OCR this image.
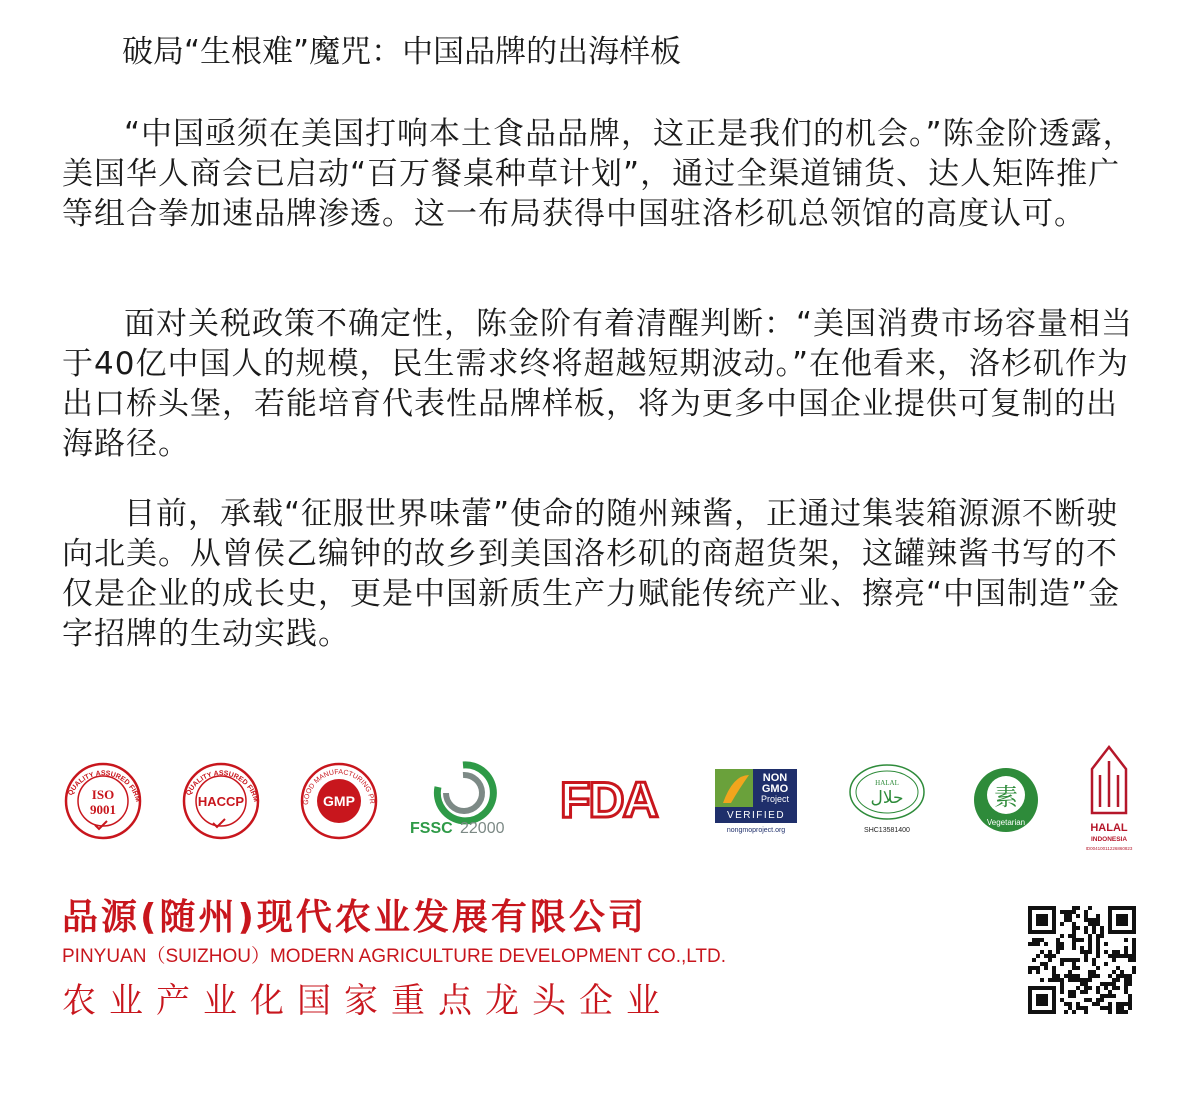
破局“生根难”魔咒：中国品牌的出海样板

“中国亟须在美国打响本土食品品牌，这正是我们的机会。”陈金阶透露，美国华人商会已启动“百万餐桌种草计划”，通过全渠道铺货、达人矩阵推广等组合拳加速品牌渗透。这一布局获得中国驻洛杉矶总领馆的高度认可。

面对关税政策不确定性，陈金阶有着清醒判断：“美国消费市场容量相当于40亿中国人的规模，民生需求终将超越短期波动。”在他看来，洛杉矶作为出口桥头堡，若能培育代表性品牌样板，将为更多中国企业提供可复制的出海路径。

目前，承载“征服世界味蕾”使命的随州辣酱，正通过集装箱源源不断驶向北美。从曾侯乙编钟的故乡到美国洛杉矶的商超货架，这罐辣酱书写的不仅是企业的成长史，更是中国新质生产力赋能传统产业、擦亮“中国制造”金字招牌的生动实践。

QUALITY ASSURED FIRM
ISO
9001
QUALITY ASSURED FIRM
HACCP	GOOD MANUFACTURING PRACTICE
GMP
FSSC 22000
FDA	NON
GMO
Project
VERIFIED
nongmoproject.org
HALAL
حلال
SHC13581400
素
Vegetarian	HALAL
INDONESIA
ID00410011226860823

品源(随州)现代农业发展有限公司

PINYUAN（SUIZHOU）MODERN AGRICULTURE DEVELOPMENT CO.,LTD.

农业产业化国家重点龙头企业
